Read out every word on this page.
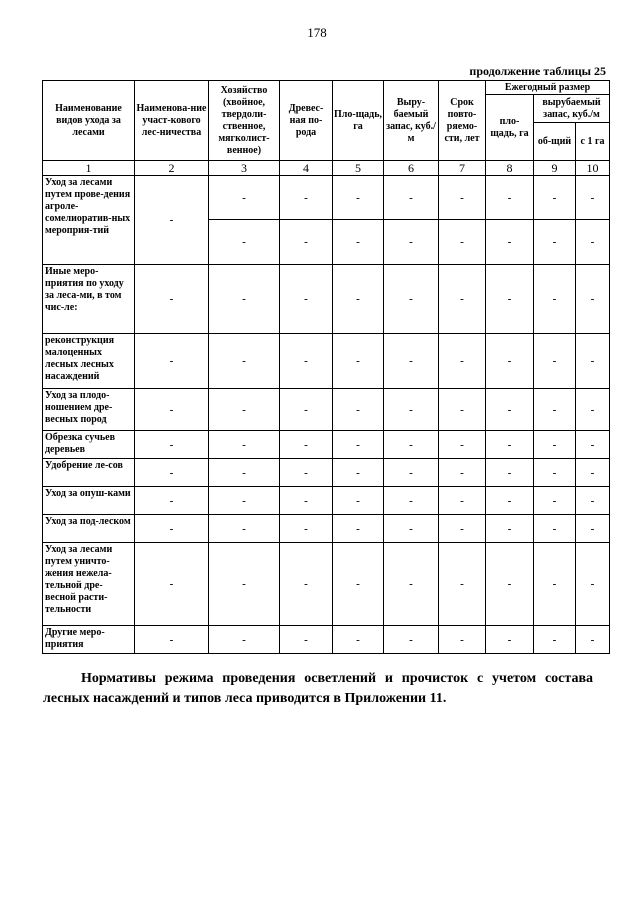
178
продолжение таблицы 25
Наименование видов ухода за лесами	Наименова-ние участ-кового лес-ничества	Хозяйство (хвойное, твердоли-ственное, мягколист-венное)	Древес-ная по-рода	Пло-щадь, га	Выру-баемый запас, куб./м	Срок повто-ряемо-сти, лет	Ежегодный размер		
							пло-щадь, га	вырубаемый запас, куб./м	
								об-щий	с 1 га
1	2	3	4	5	6	7	8	9	10
Уход за лесами путем прове-дения агроле-сомелиоратив-ных мероприя-тий	-	-	-	-	-	-	-	-	-
		-	-	-	-	-	-	-	-
Иные меро-приятия по уходу за леса-ми, в том чис-ле:	-	-	-	-	-	-	-	-	-
реконструкция малоценных лесных лесных насаждений	-	-	-	-	-	-	-	-	-
Уход за плодо-ношением дре-весных пород	-	-	-	-	-	-	-	-	-
Обрезка сучьев деревьев	-	-	-	-	-	-	-	-	-
Удобрение ле-сов	-	-	-	-	-	-	-	-	-
Уход за опуш-ками	-	-	-	-	-	-	-	-	-
Уход за под-леском	-	-	-	-	-	-	-	-	-
Уход за лесами путем уничто-жения нежела-тельной дре-весной расти-тельности	-	-	-	-	-	-	-	-	-
Другие меро-приятия	-	-	-	-	-	-	-	-	-
Нормативы режима проведения осветлений и прочисток с учетом состава лесных насаждений и типов леса приводится в Приложении 11.
